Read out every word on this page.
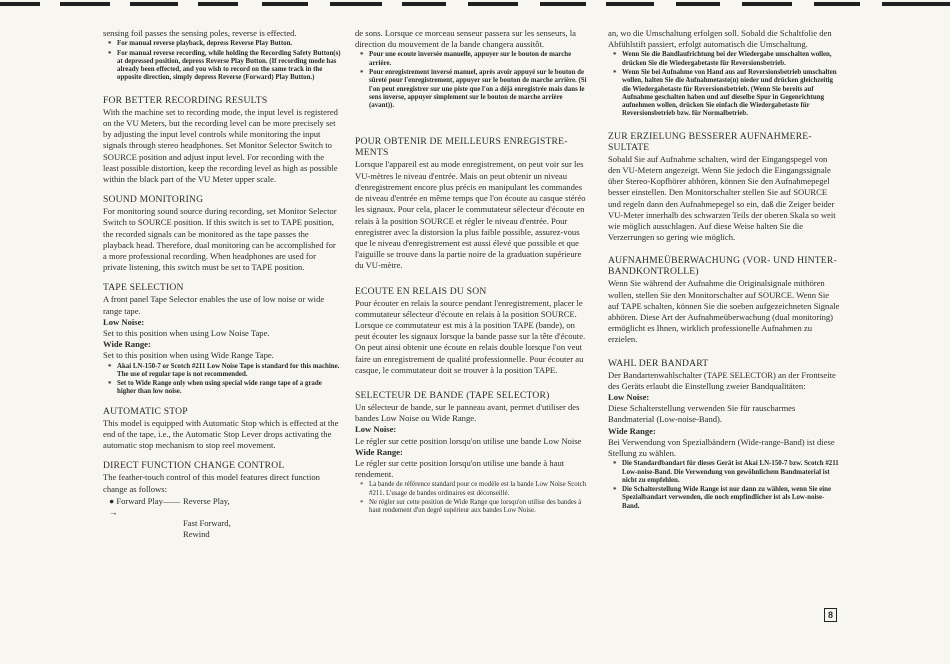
sensing foil passes the sensing poles, reverse is effected.

* For manual reverse playback, depress Reverse Play Button.
* For manual reverse recording, while holding the Recording Safety Button(s) at depressed position, depress Reverse Play Button. (If recording mode has already been effected, and you wish to record on the same track in the opposite direction, simply depress Reverse (Forward) Play Button.)
FOR BETTER RECORDING RESULTS

With the machine set to recording mode, the input level is registered on the VU Meters, but the recording level can be more precisely set by adjusting the input level controls while monitoring the input signals through stereo headphones. Set Monitor Selector Switch to SOURCE position and adjust input level. For recording with the least possible distortion, keep the recording level as high as possible within the black part of the VU Meter upper scale.

SOUND MONITORING

For monitoring sound source during recording, set Monitor Selector Switch to SOURCE position. If this switch is set to TAPE position, the recorded signals can be monitored as the tape passes the playback head. Therefore, dual monitoring can be accomplished for a more professional recording. When headphones are used for private listening, this switch must be set to TAPE position.

TAPE SELECTION

A front panel Tape Selector enables the use of low noise or wide range tape.

Low Noise:

Set to this position when using Low Noise Tape.

Wide Range:

Set to this position when using Wide Range Tape.

* Akai LN-150-7 or Scotch #211 Low Noise Tape is standard for this machine. The use of regular tape is not recommended.
* Set to Wide Range only when using special wide range tape of a grade higher than low noise.
AUTOMATIC STOP

This model is equipped with Automatic Stop which is effected at the end of the tape, i.e., the Automatic Stop Lever drops activating the automatic stop mechanism to stop reel movement.

DIRECT FUNCTION CHANGE CONTROL

The feather-touch control of this model features direct function change as follows:

● Forward Play——→
Reverse Play,
Fast Forward,
Rewind

de sons. Lorsque ce morceau senseur passera sur les senseurs, la direction du mouvement de la bande changera aussitôt.

* Pour une ecoute inversée manuelle, appuyer sur le bouton de marche arrière.
* Pour enregistrement inversé manuel, après avoir appuyé sur le bouton de sûreté pour l'enregistrement, appuyer sur le bouton de marche arrière. (Si l'on peut enregistrer sur une piste que l'on a déjà enregistrée mais dans le sens inverse, appuyer simplement sur le bouton de marche arrière (avant)).
POUR OBTENIR DE MEILLEURS ENREGISTRE-MENTS

Lorsque l'appareil est au mode enregistrement, on peut voir sur les VU-mètres le niveau d'entrée. Mais on peut obtenir un niveau d'enregistrement encore plus précis en manipulant les commandes de niveau d'entrée en même temps que l'on écoute au casque stéréo les signaux. Pour cela, placer le commutateur sélecteur d'écoute en relais à la position SOURCE et régler le niveau d'entrée. Pour enregistrer avec la distorsion la plus faible possible, assurez-vous que le niveau d'enregistrement est aussi élevé que possible et que l'aiguille se trouve dans la partie noire de la graduation supérieure du VU-mètre.

ECOUTE EN RELAIS DU SON

Pour écouter en relais la source pendant l'enregistrement, placer le commutateur sélecteur d'écoute en relais à la position SOURCE. Lorsque ce commutateur est mis à la position TAPE (bande), on peut écouter les signaux lorsque la bande passe sur la tête d'écoute. On peut ainsi obtenir une écoute en relais double lorsque l'on veut faire un enregistrement de qualité professionnelle. Pour écouter au casque, le commutateur doit se trouver à la position TAPE.

SELECTEUR DE BANDE (TAPE SELECTOR)

Un sélecteur de bande, sur le panneau avant, permet d'utiliser des bandes Low Noise ou Wide Range.

Low Noise:

Le régler sur cette position lorsqu'on utilise une bande Low Noise

Wide Range:

Le régler sur cette position lorsqu'on utilise une bande à haut rendement.

* La bande de référence standard pour ce modèle est la bande Low Noise Scotch #211. L'usage de bandes ordinaires est déconseillé.
* Ne régler sur cette position de Wide Range que lorsqu'on utilise des bandes à haut rendement d'un degré supérieur aux bandes Low Noise.

an, wo die Umschaltung erfolgen soll. Sobald die Schaltfolie den Abfühlstift passiert, erfolgt automatisch die Umschaltung.

* Wenn Sie die Bandlaufrichtung bei der Wiedergabe umschalten wollen, drücken Sie die Wiedergabetaste für Reversionsbetrieb.
* Wenn Sie bei Aufnahme von Hand aus auf Reversionsbetrieb umschalten wollen, halten Sie die Aufnahmetaste(n) nieder und drücken gleichzeitig die Wiedergabetaste für Reversionsbetrieb. (Wenn Sie bereits auf Aufnahme geschalten haben und auf dieselbe Spur in Gegenrichtung aufnehmen wollen, drücken Sie einfach die Wiedergabetaste für Reversionsbetrieb bzw. für Normalbetrieb.
ZUR ERZIELUNG BESSERER AUFNAHMERE-SULTATE

Sobald Sie auf Aufnahme schalten, wird der Eingangspegel von den VU-Metern angezeigt. Wenn Sie jedoch die Eingangssignale über Stereo-Kopfhörer abhören, können Sie den Aufnahmepegel besser einstellen. Den Monitorschalter stellen Sie auf SOURCE und regeln dann den Aufnahmepegel so ein, daß die Zeiger beider VU-Meter innerhalb des schwarzen Teils der oberen Skala so weit wie möglich ausschlagen. Auf diese Weise halten Sie die Verzerrungen so gering wie möglich.

AUFNAHMEÜBERWACHUNG (VOR- UND HINTER-BANDKONTROLLE)

Wenn Sie während der Aufnahme die Originalsignale mithören wollen, stellen Sie den Monitorschalter auf SOURCE. Wenn Sie auf TAPE schalten, können Sie die soeben aufgezeichneten Signale abhören. Diese Art der Aufnahmeüberwachung (dual monitoring) ermöglicht es Ihnen, wirklich professionelle Aufnahmen zu erzielen.

WAHL DER BANDART

Der Bandartenwahlschalter (TAPE SELECTOR) an der Frontseite des Geräts erlaubt die Einstellung zweier Bandqualitäten:

Low Noise:

Diese Schalterstellung verwenden Sie für rauscharmes Bandmaterial (Low-noise-Band).

Wide Range:

Bei Verwendung von Spezialbändern (Wide-range-Band) ist diese Stellung zu wählen.

* Die Standardbandart für dieses Gerät ist Akai LN-150-7 bzw. Scotch #211 Low-noise-Band. Die Verwendung von gewöhnlichem Bandmaterial ist nicht zu empfehlen.
* Die Schalterstellung Wide Range ist nur dann zu wählen, wenn Sie eine Spezialbandart verwenden, die noch empfindlicher ist als Low-noise-Band.
8
